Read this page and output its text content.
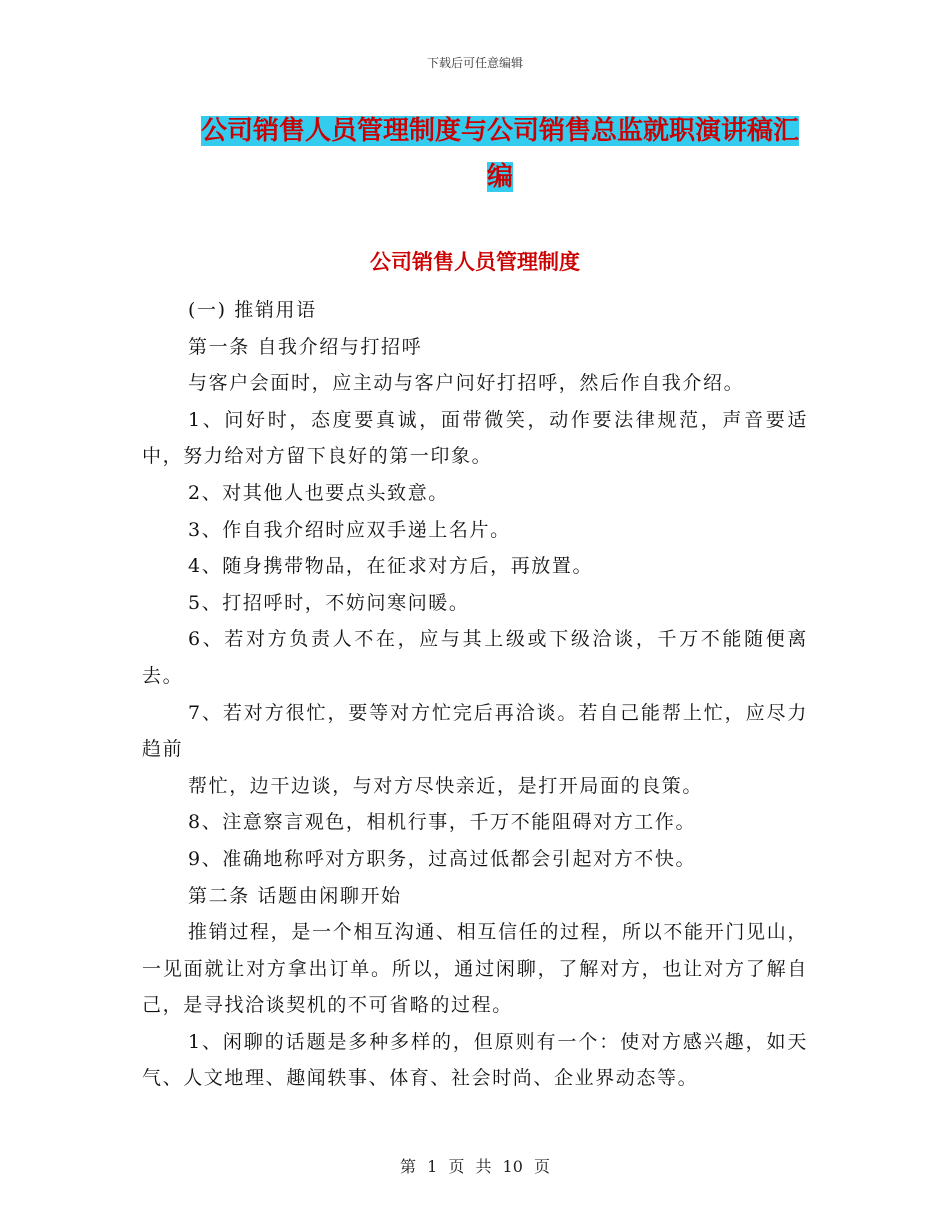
下载后可任意编辑
公司销售人员管理制度与公司销售总监就职演讲稿汇编
公司销售人员管理制度

(一) 推销用语

第一条 自我介绍与打招呼

与客户会面时，应主动与客户问好打招呼，然后作自我介绍。

1、问好时，态度要真诚，面带微笑，动作要法律规范，声音要适中，努力给对方留下良好的第一印象。

2、对其他人也要点头致意。

3、作自我介绍时应双手递上名片。

4、随身携带物品，在征求对方后，再放置。

5、打招呼时，不妨问寒问暖。

6、若对方负责人不在，应与其上级或下级洽谈，千万不能随便离去。

7、若对方很忙，要等对方忙完后再洽谈。若自己能帮上忙，应尽力趋前

帮忙，边干边谈，与对方尽快亲近，是打开局面的良策。

8、注意察言观色，相机行事，千万不能阻碍对方工作。

9、准确地称呼对方职务，过高过低都会引起对方不快。

第二条 话题由闲聊开始

推销过程，是一个相互沟通、相互信任的过程，所以不能开门见山，一见面就让对方拿出订单。所以，通过闲聊，了解对方，也让对方了解自己，是寻找洽谈契机的不可省略的过程。

1、闲聊的话题是多种多样的，但原则有一个：使对方感兴趣，如天气、人文地理、趣闻轶事、体育、社会时尚、企业界动态等。

第 1 页 共 10 页
